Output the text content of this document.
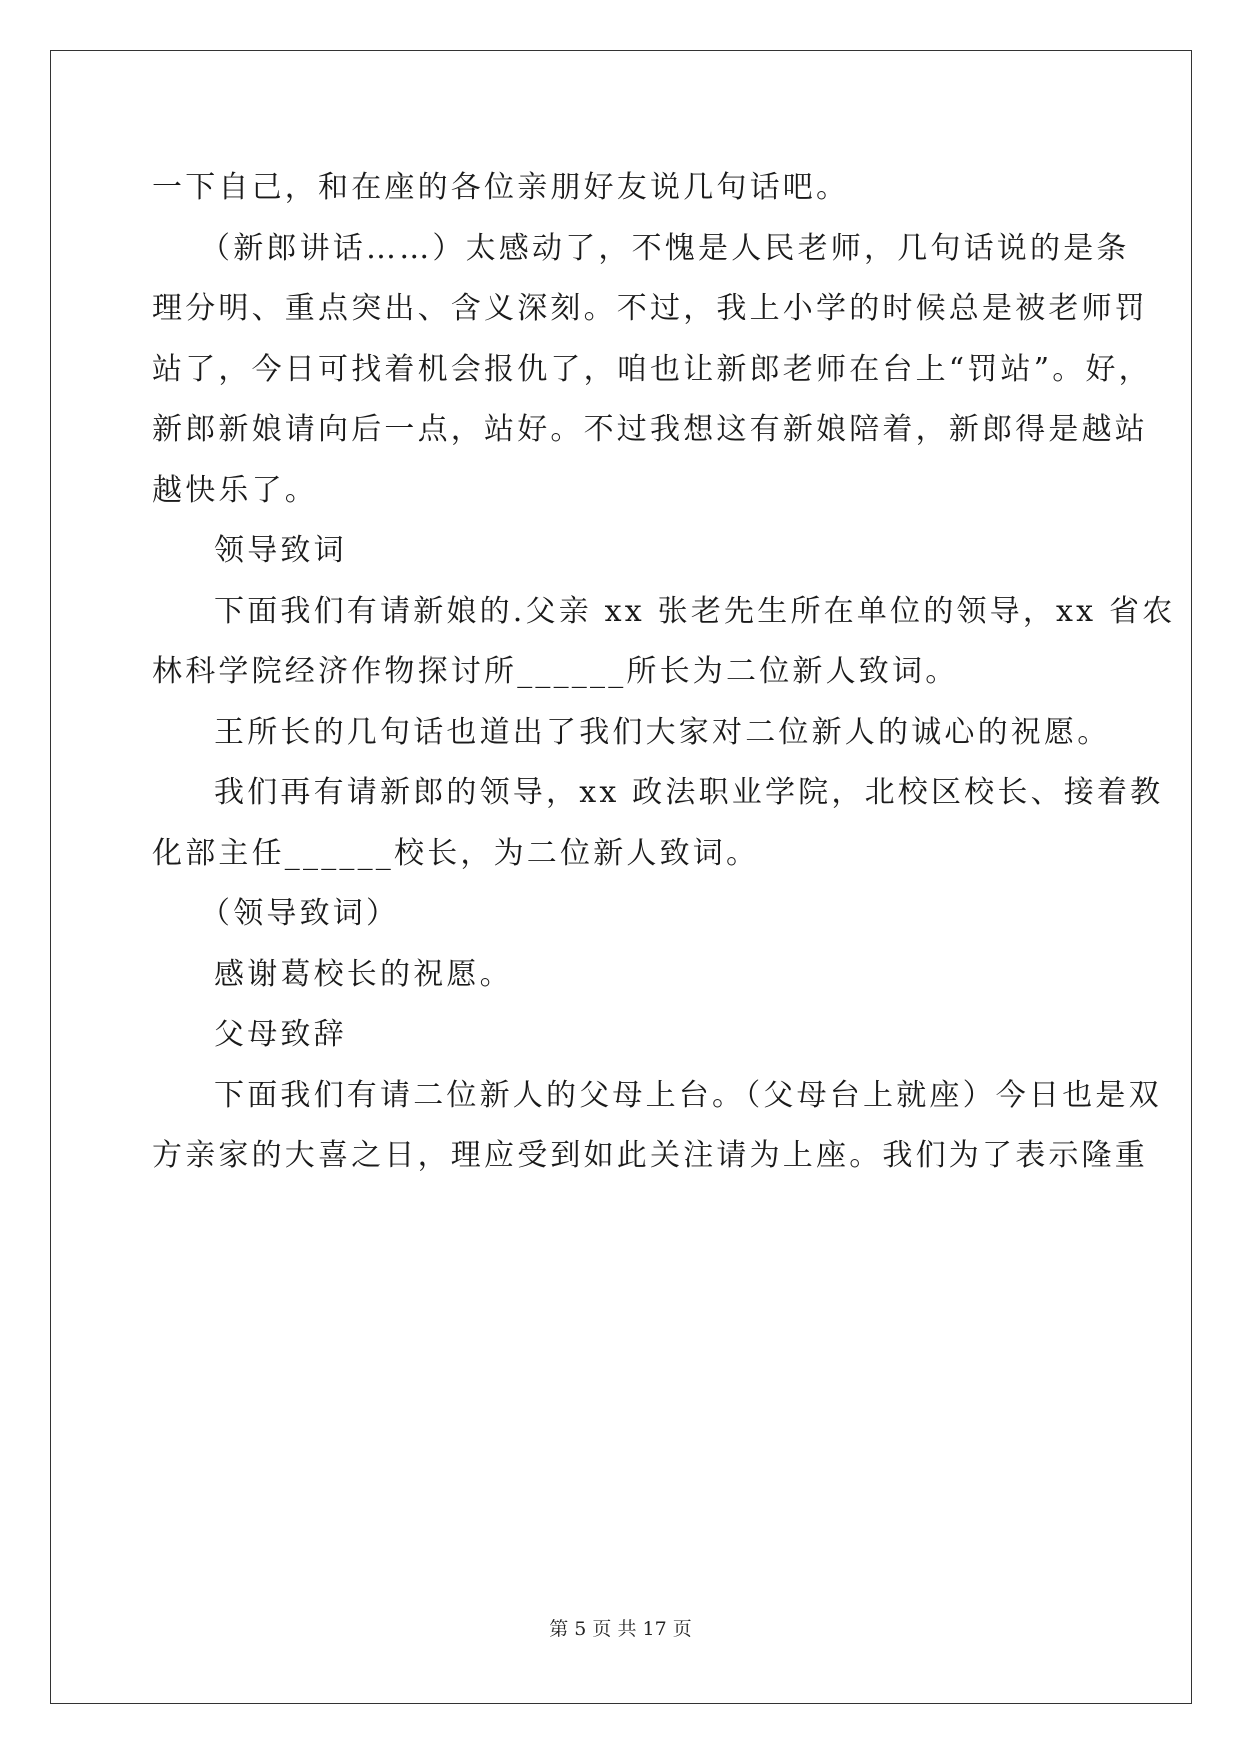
一下自己，和在座的各位亲朋好友说几句话吧。
（新郎讲话……）太感动了，不愧是人民老师，几句话说的是条
理分明、重点突出、含义深刻。不过，我上小学的时候总是被老师罚
站了，今日可找着机会报仇了，咱也让新郎老师在台上“罚站”。好，
新郎新娘请向后一点，站好。不过我想这有新娘陪着，新郎得是越站
越快乐了。
领导致词
下面我们有请新娘的.父亲 xx 张老先生所在单位的领导，xx 省农
林科学院经济作物探讨所______所长为二位新人致词。
王所长的几句话也道出了我们大家对二位新人的诚心的祝愿。
我们再有请新郎的领导，xx 政法职业学院，北校区校长、接着教
化部主任______校长，为二位新人致词。
（领导致词）
感谢葛校长的祝愿。
父母致辞
下面我们有请二位新人的父母上台。（父母台上就座）今日也是双
方亲家的大喜之日，理应受到如此关注请为上座。我们为了表示隆重
第 5 页 共 17 页
